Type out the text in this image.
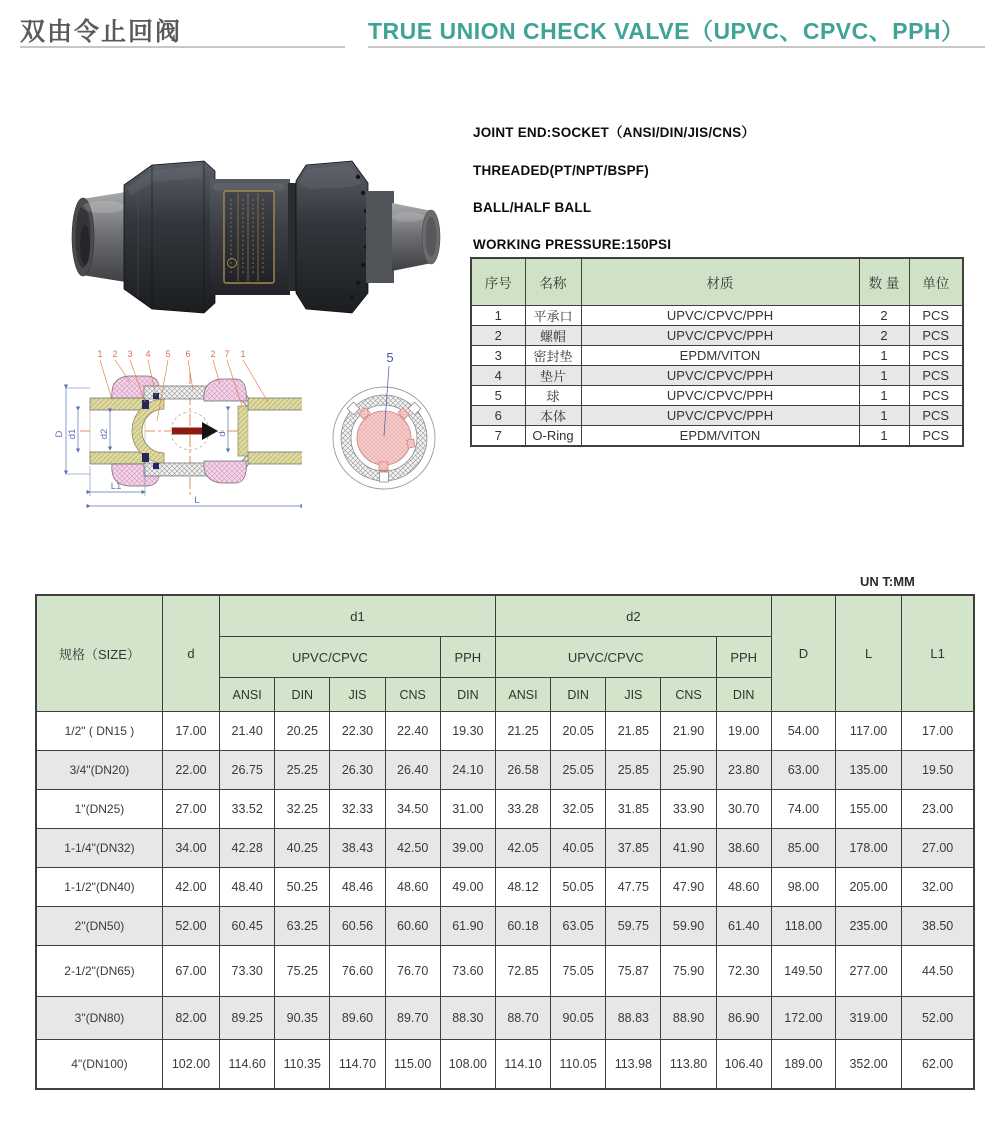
双由令止回阀	TRUE UNION CHECK VALVE（UPVC、CPVC、PPH）
JOINT END:SOCKET（ANSI/DIN/JIS/CNS）
THREADED(PT/NPT/BSPF)
BALL/HALF BALL
WORKING PRESSURE:150PSI
序号	名称	材质	数 量	单位
1	平承口	UPVC/CPVC/PPH	2	PCS
2	螺帽	UPVC/CPVC/PPH	2	PCS
3	密封垫	EPDM/VITON	1	PCS
4	垫片	UPVC/CPVC/PPH	1	PCS
5	球	UPVC/CPVC/PPH	1	PCS
6	本体	UPVC/CPVC/PPH	1	PCS
7	O-Ring	EPDM/VITON	1	PCS
1 2 3 4 5 6 2 7 1
D d1 d2	d
L1
L
5
UN T:MM
规格（SIZE）	d	d1					d2					D	L	L1
		UPVC/CPVC				PPH	UPVC/CPVC				PPH			
		ANSI	DIN	JIS	CNS	DIN	ANSI	DIN	JIS	CNS	DIN			
1/2" ( DN15 )	17.00	21.40	20.25	22.30	22.40	19.30	21.25	20.05	21.85	21.90	19.00	54.00	117.00	17.00
3/4"(DN20)	22.00	26.75	25.25	26.30	26.40	24.10	26.58	25.05	25.85	25.90	23.80	63.00	135.00	19.50
1"(DN25)	27.00	33.52	32.25	32.33	34.50	31.00	33.28	32.05	31.85	33.90	30.70	74.00	155.00	23.00
1-1/4"(DN32)	34.00	42.28	40.25	38.43	42.50	39.00	42.05	40.05	37.85	41.90	38.60	85.00	178.00	27.00
1-1/2"(DN40)	42.00	48.40	50.25	48.46	48.60	49.00	48.12	50.05	47.75	47.90	48.60	98.00	205.00	32.00
2"(DN50)	52.00	60.45	63.25	60.56	60.60	61.90	60.18	63.05	59.75	59.90	61.40	118.00	235.00	38.50
2-1/2"(DN65)	67.00	73.30	75.25	76.60	76.70	73.60	72.85	75.05	75.87	75.90	72.30	149.50	277.00	44.50
3"(DN80)	82.00	89.25	90.35	89.60	89.70	88.30	88.70	90.05	88.83	88.90	86.90	172.00	319.00	52.00
4"(DN100)	102.00	114.60	110.35	114.70	115.00	108.00	114.10	110.05	113.98	113.80	106.40	189.00	352.00	62.00
